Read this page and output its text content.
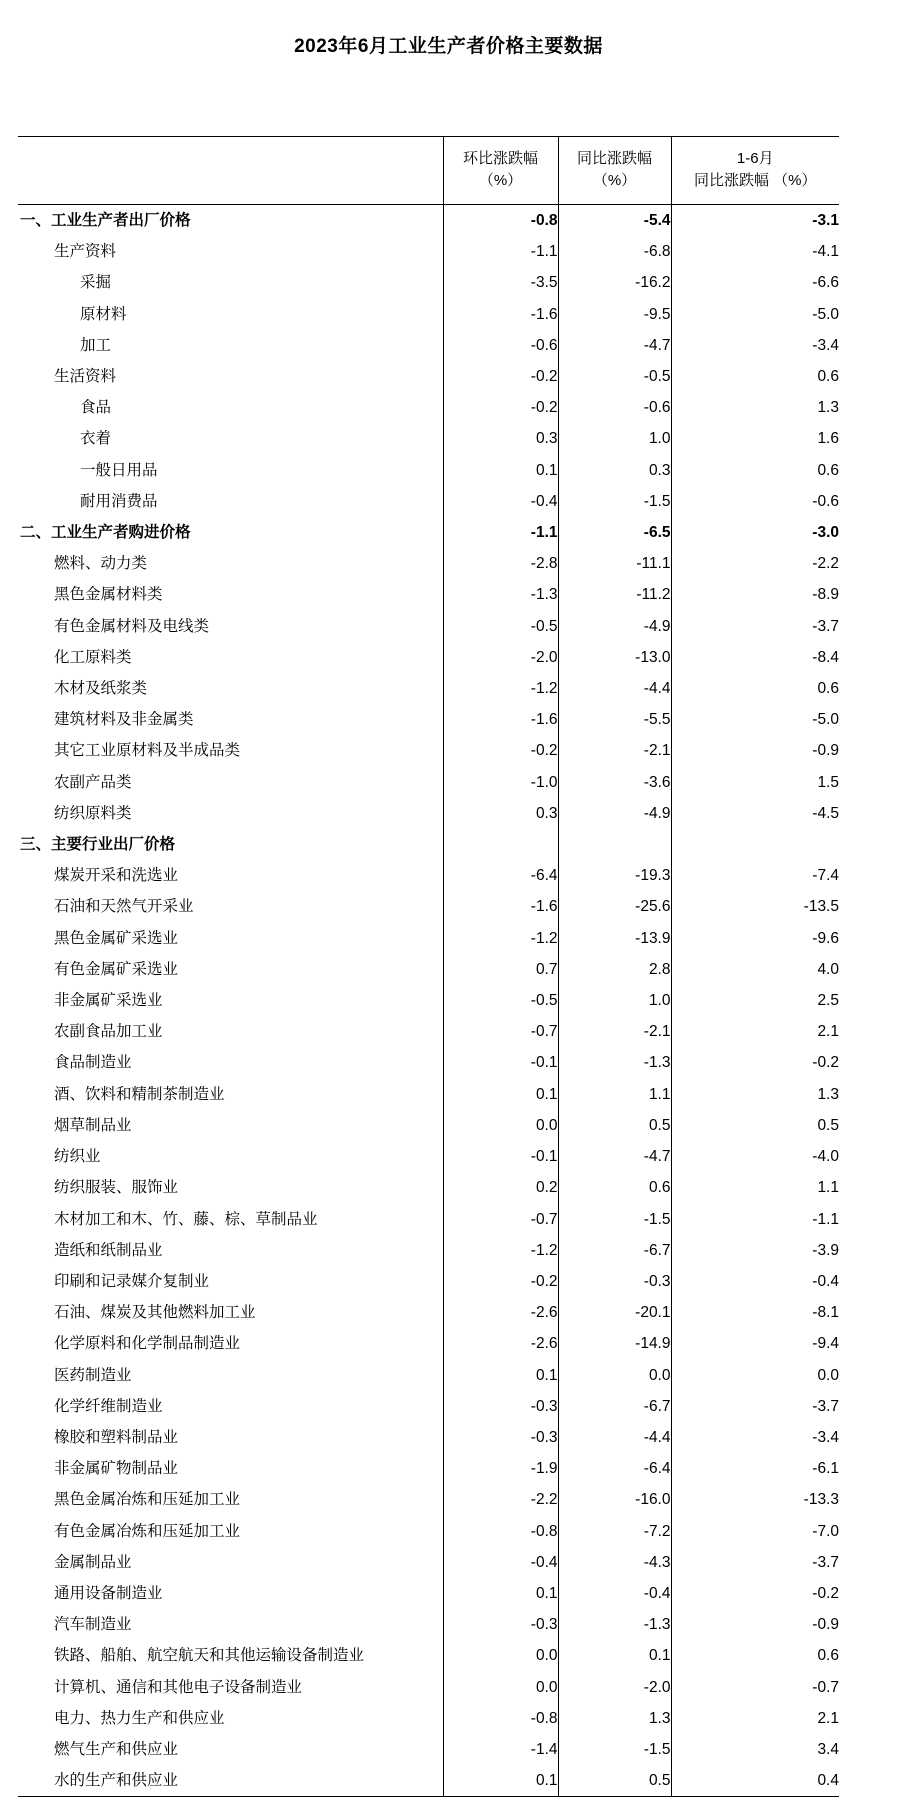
2023年6月工业生产者价格主要数据

环比涨跌幅
（%）

同比涨跌幅
（%）

1-6月
同比涨跌幅 （%）

一、工业生产者出厂价格	-0.8	-5.4	-3.1
生产资料	-1.1	-6.8	-4.1
采掘	-3.5	-16.2	-6.6
原材料	-1.6	-9.5	-5.0
加工	-0.6	-4.7	-3.4
生活资料	-0.2	-0.5	0.6
食品	-0.2	-0.6	1.3
衣着	0.3	1.0	1.6
一般日用品	0.1	0.3	0.6
耐用消费品	-0.4	-1.5	-0.6
二、工业生产者购进价格	-1.1	-6.5	-3.0
燃料、动力类	-2.8	-11.1	-2.2
黑色金属材料类	-1.3	-11.2	-8.9
有色金属材料及电线类	-0.5	-4.9	-3.7
化工原料类	-2.0	-13.0	-8.4
木材及纸浆类	-1.2	-4.4	0.6
建筑材料及非金属类	-1.6	-5.5	-5.0
其它工业原材料及半成品类	-0.2	-2.1	-0.9
农副产品类	-1.0	-3.6	1.5
纺织原料类	0.3	-4.9	-4.5
三、主要行业出厂价格			
煤炭开采和洗选业	-6.4	-19.3	-7.4
石油和天然气开采业	-1.6	-25.6	-13.5
黑色金属矿采选业	-1.2	-13.9	-9.6
有色金属矿采选业	0.7	2.8	4.0
非金属矿采选业	-0.5	1.0	2.5
农副食品加工业	-0.7	-2.1	2.1
食品制造业	-0.1	-1.3	-0.2
酒、饮料和精制茶制造业	0.1	1.1	1.3
烟草制品业	0.0	0.5	0.5
纺织业	-0.1	-4.7	-4.0
纺织服装、服饰业	0.2	0.6	1.1
木材加工和木、竹、藤、棕、草制品业	-0.7	-1.5	-1.1
造纸和纸制品业	-1.2	-6.7	-3.9
印刷和记录媒介复制业	-0.2	-0.3	-0.4
石油、煤炭及其他燃料加工业	-2.6	-20.1	-8.1
化学原料和化学制品制造业	-2.6	-14.9	-9.4
医药制造业	0.1	0.0	0.0
化学纤维制造业	-0.3	-6.7	-3.7
橡胶和塑料制品业	-0.3	-4.4	-3.4
非金属矿物制品业	-1.9	-6.4	-6.1
黑色金属冶炼和压延加工业	-2.2	-16.0	-13.3
有色金属冶炼和压延加工业	-0.8	-7.2	-7.0
金属制品业	-0.4	-4.3	-3.7
通用设备制造业	0.1	-0.4	-0.2
汽车制造业	-0.3	-1.3	-0.9
铁路、船舶、航空航天和其他运输设备制造业	0.0	0.1	0.6
计算机、通信和其他电子设备制造业	0.0	-2.0	-0.7
电力、热力生产和供应业	-0.8	1.3	2.1
燃气生产和供应业	-1.4	-1.5	3.4
水的生产和供应业	0.1	0.5	0.4
